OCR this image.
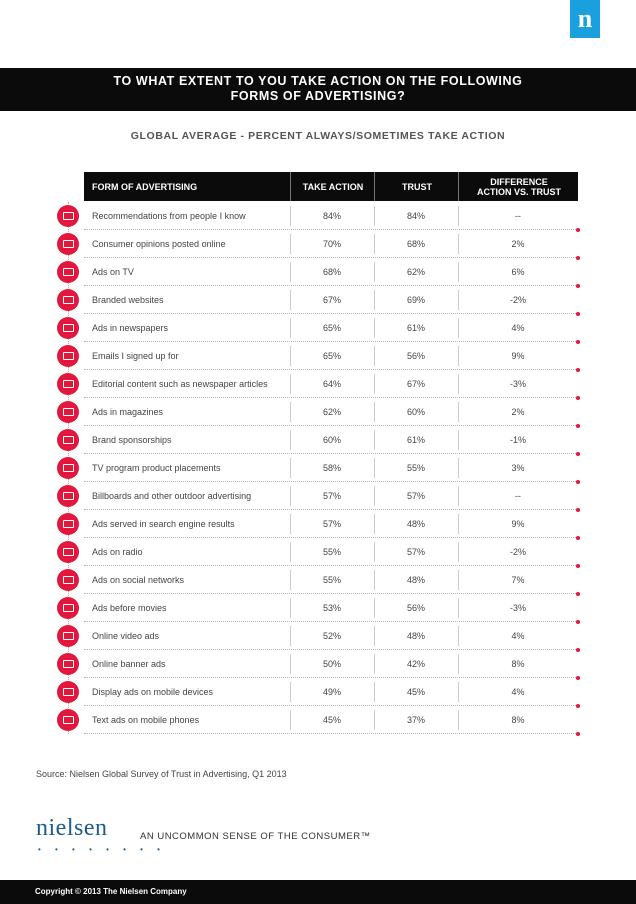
n
TO WHAT EXTENT TO YOU TAKE ACTION ON THE FOLLOWING
FORMS OF ADVERTISING?
GLOBAL AVERAGE - PERCENT ALWAYS/SOMETIMES TAKE ACTION
FORM OF ADVERTISING	TAKE ACTION	TRUST	DIFFERENCE
ACTION VS. TRUST
Recommendations from people I know	84%	84%	--
Consumer opinions posted online	70%	68%	2%
Ads on TV	68%	62%	6%
Branded websites	67%	69%	-2%
Ads in newspapers	65%	61%	4%
Emails I signed up for	65%	56%	9%
Editorial content such as newspaper articles	64%	67%	-3%
Ads in magazines	62%	60%	2%
Brand sponsorships	60%	61%	-1%
TV program product placements	58%	55%	3%
Billboards and other outdoor advertising	57%	57%	--
Ads served in search engine results	57%	48%	9%
Ads on radio	55%	57%	-2%
Ads on social networks	55%	48%	7%
Ads before movies	53%	56%	-3%
Online video ads	52%	48%	4%
Online banner ads	50%	42%	8%
Display ads on mobile devices	49%	45%	4%
Text ads on mobile phones	45%	37%	8%
Source: Nielsen Global Survey of Trust in Advertising, Q1 2013
nielsen
• • • • • • • •
AN UNCOMMON SENSE OF THE CONSUMER™
Copyright © 2013 The Nielsen Company
